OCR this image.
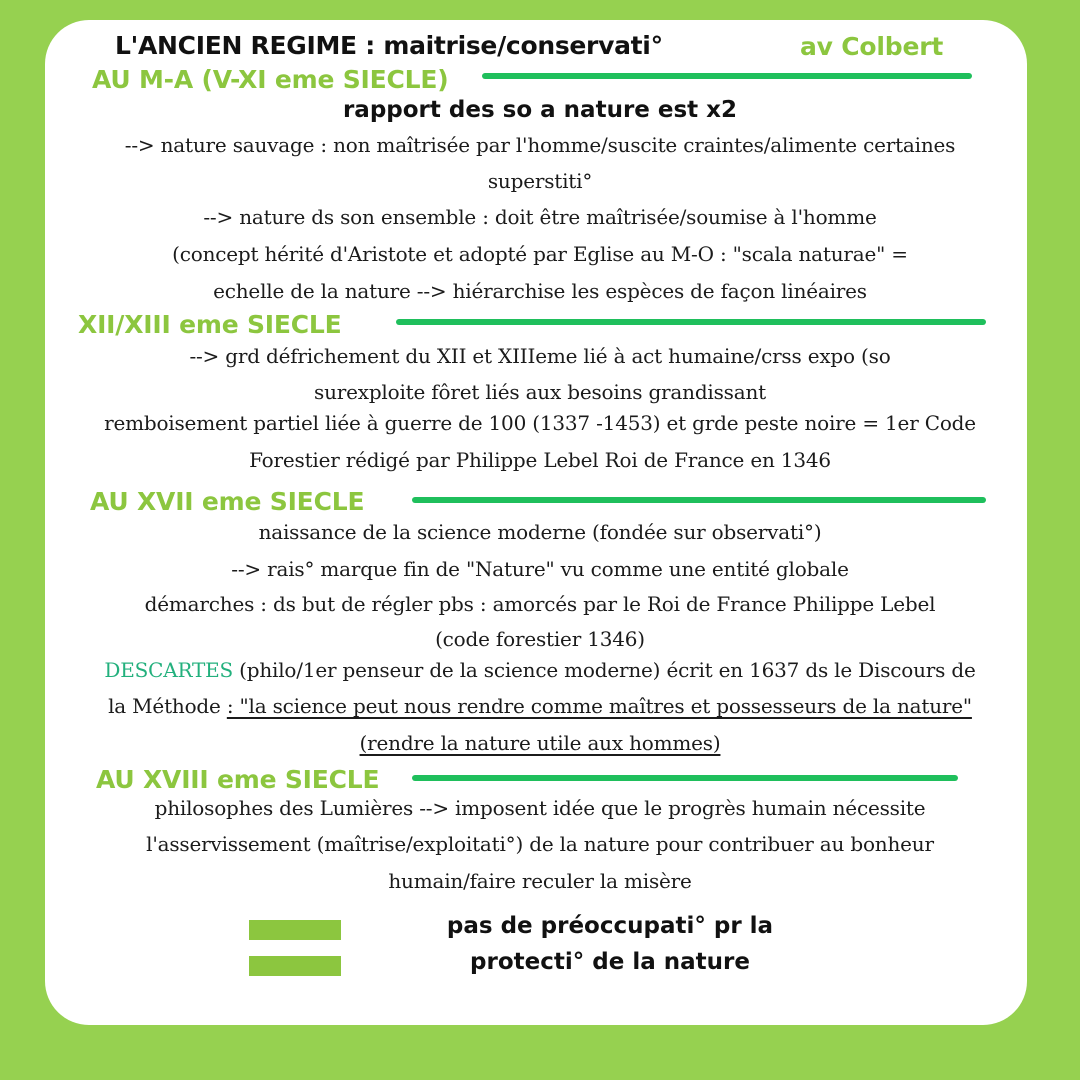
L'ANCIEN REGIME : maitrise/conservati°	av Colbert
AU M-A (V-XI eme SIECLE)
rapport des so a nature est x2

--> nature sauvage : non maîtrisée par l'homme/suscite craintes/alimente certaines

superstiti°

--> nature ds son ensemble : doit être maîtrisée/soumise à l'homme

(concept hérité d'Aristote et adopté par Eglise au M-O : "scala naturae" =

echelle de la nature --> hiérarchise les espèces de façon linéaires

XII/XIII eme SIECLE

--> grd défrichement du XII et XIIIeme lié à act humaine/crss expo (so

surexploite fôret liés aux besoins grandissant

remboisement partiel liée à guerre de 100 (1337 -1453) et grde peste noire = 1er Code

Forestier rédigé par Philippe Lebel Roi de France en 1346

AU XVII eme SIECLE

naissance de la science moderne (fondée sur observati°)

--> rais° marque fin de "Nature" vu comme une entité globale

démarches : ds but de régler pbs : amorcés par le Roi de France Philippe Lebel

(code forestier 1346)

DESCARTES (philo/1er penseur de la science moderne) écrit en 1637 ds le Discours de

la Méthode : "la science peut nous rendre comme maîtres et possesseurs de la nature"

(rendre la nature utile aux hommes)

AU XVIII eme SIECLE

philosophes des Lumières --> imposent idée que le progrès humain nécessite

l'asservissement (maîtrise/exploitati°) de la nature pour contribuer au bonheur

humain/faire reculer la misère

pas de préoccupati° pr la
protecti° de la nature
